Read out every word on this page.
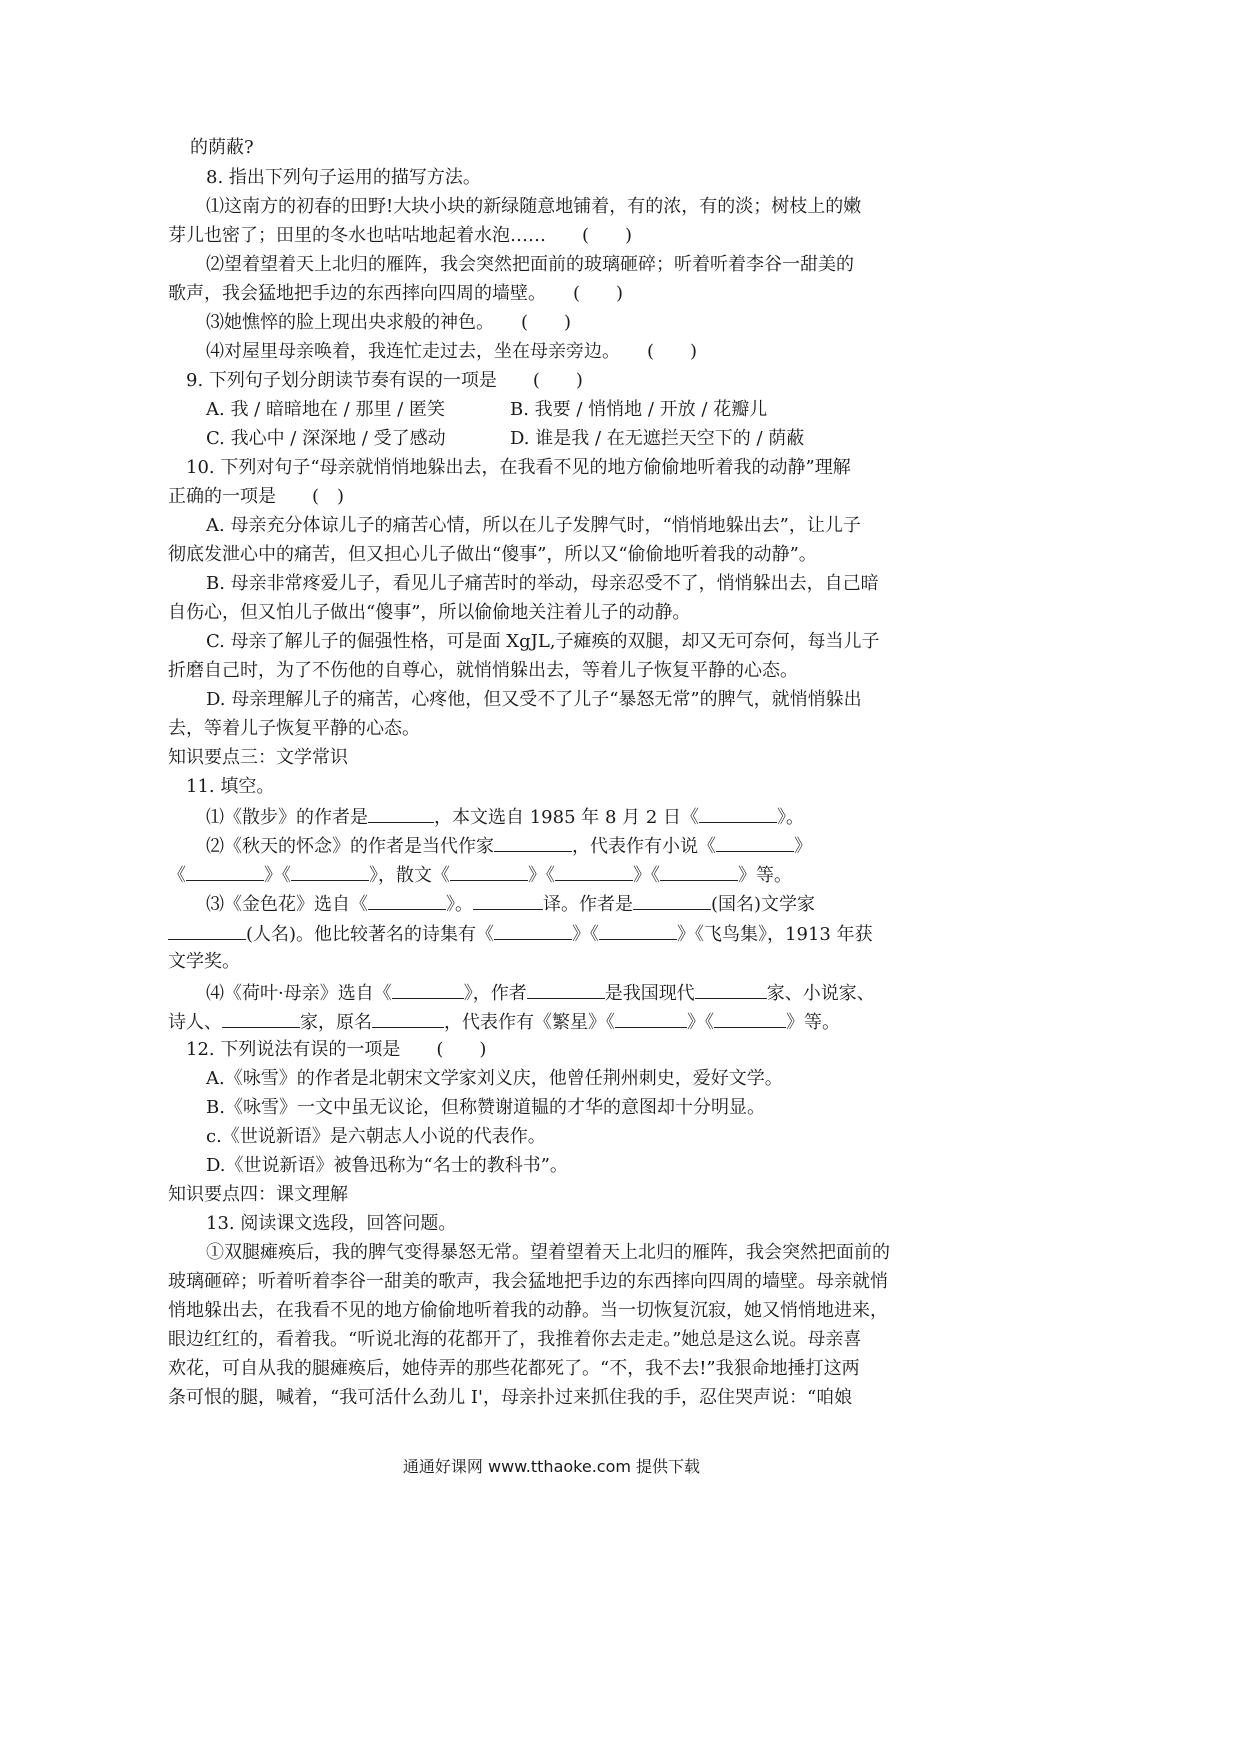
的荫蔽?
8. 指出下列句子运用的描写方法。
⑴这南方的初春的田野!大块小块的新绿随意地铺着，有的浓，有的淡；树枝上的嫩
芽儿也密了；田里的冬水也咕咕地起着水泡……　　(　　)
⑵望着望着天上北归的雁阵，我会突然把面前的玻璃砸碎；听着听着李谷一甜美的
歌声，我会猛地把手边的东西摔向四周的墙壁。　　(　　)
⑶她憔悴的脸上现出央求般的神色。　　(　　)
⑷对屋里母亲唤着，我连忙走过去，坐在母亲旁边。　　(　　)
9. 下列句子划分朗读节奏有误的一项是　　(　　)
A. 我 / 暗暗地在 / 那里 / 匿笑	B. 我要 / 悄悄地 / 开放 / 花瓣儿
C. 我心中 / 深深地 / 受了感动	D. 谁是我 / 在无遮拦天空下的 / 荫蔽
10. 下列对句子“母亲就悄悄地躲出去，在我看不见的地方偷偷地听着我的动静”理解
正确的一项是　　(　)
A. 母亲充分体谅儿子的痛苦心情，所以在儿子发脾气时，“悄悄地躲出去”，让儿子
彻底发泄心中的痛苦，但又担心儿子做出“傻事”，所以又“偷偷地听着我的动静”。
B. 母亲非常疼爱儿子，看见儿子痛苦时的举动，母亲忍受不了，悄悄躲出去，自己暗
自伤心，但又怕儿子做出“傻事”，所以偷偷地关注着儿子的动静。
C. 母亲了解儿子的倔强性格，可是面 XgJL,子瘫痪的双腿，却又无可奈何，每当儿子
折磨自己时，为了不伤他的自尊心，就悄悄躲出去，等着儿子恢复平静的心态。
D. 母亲理解儿子的痛苦，心疼他，但又受不了儿子“暴怒无常”的脾气，就悄悄躲出
去，等着儿子恢复平静的心态。
知识要点三：文学常识
11. 填空。
⑴《散步》的作者是	，本文选自 1985 年 8 月 2 日《	》。
⑵《秋天的怀念》的作者是当代作家	，代表作有小说《	》
《	》《	》，散文《	》《	》《	》等。
⑶《金色花》选自《	》。	译。作者是	(国名)文学家
(人名)。他比较著名的诗集有《	》《	》《飞鸟集》，1913 年获
文学奖。
⑷《荷叶·母亲》选自《	》，作者	是我国现代	家、小说家、
诗人、	家，原名	，代表作有《繁星》《	》《	》等。
12. 下列说法有误的一项是　　(　　)
A.《咏雪》的作者是北朝宋文学家刘义庆，他曾任荆州刺史，爱好文学。
B.《咏雪》一文中虽无议论，但称赞谢道韫的才华的意图却十分明显。
c.《世说新语》是六朝志人小说的代表作。
D.《世说新语》被鲁迅称为“名士的教科书”。
知识要点四：课文理解
13. 阅读课文选段，回答问题。
①双腿瘫痪后，我的脾气变得暴怒无常。望着望着天上北归的雁阵，我会突然把面前的
玻璃砸碎；听着听着李谷一甜美的歌声，我会猛地把手边的东西摔向四周的墙壁。母亲就悄
悄地躲出去，在我看不见的地方偷偷地听着我的动静。当一切恢复沉寂，她又悄悄地进来，
眼边红红的，看着我。“听说北海的花都开了，我推着你去走走。”她总是这么说。母亲喜
欢花，可自从我的腿瘫痪后，她侍弄的那些花都死了。“不，我不去!”我狠命地捶打这两
条可恨的腿，喊着，“我可活什么劲儿 I'，母亲扑过来抓住我的手，忍住哭声说：“咱娘
通通好课网 www.tthaoke.com 提供下载
